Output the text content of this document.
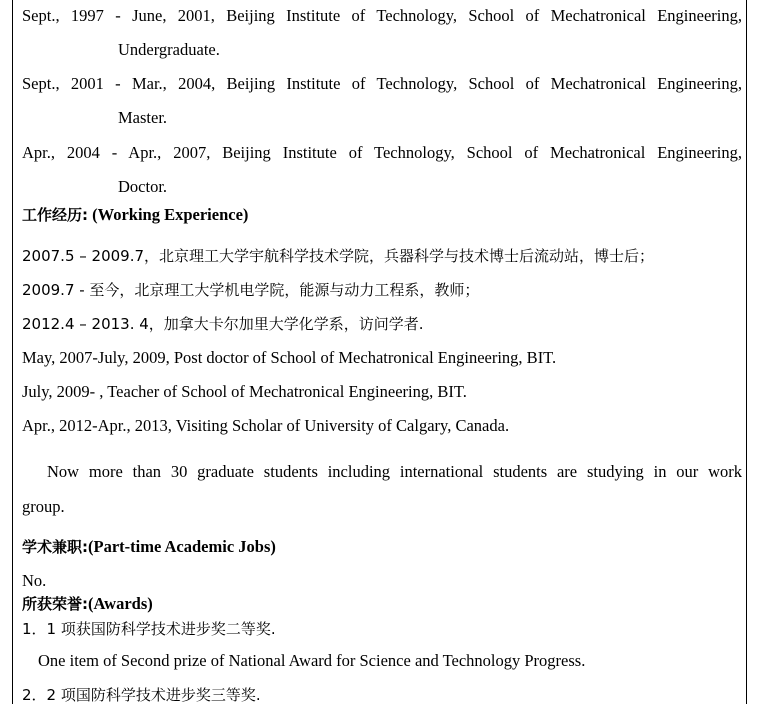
Sept., 1997 - June, 2001, Beijing Institute of Technology, School of Mechatronical Engineering,
Undergraduate.
Sept., 2001 - Mar., 2004, Beijing Institute of Technology, School of Mechatronical Engineering,
Master.
Apr., 2004 - Apr., 2007, Beijing Institute of Technology, School of Mechatronical Engineering,
Doctor.
工作经历: (Working Experience)
2007.5 – 2009.7，北京理工大学宇航科学技术学院，兵器科学与技术博士后流动站，博士后；
2009.7 - 至今，北京理工大学机电学院，能源与动力工程系，教师；
2012.4 – 2013. 4，加拿大卡尔加里大学化学系，访问学者.
May, 2007-July, 2009, Post doctor of School of Mechatronical Engineering, BIT.
July, 2009- , Teacher of School of Mechatronical Engineering, BIT.
Apr., 2012-Apr., 2013, Visiting Scholar of University of Calgary, Canada.
Now more than 30 graduate students including international students are studying in our work
group.
学术兼职:(Part-time Academic Jobs)
No.
所获荣誉:(Awards)
1．1 项获国防科学技术进步奖二等奖.
One item of Second prize of National Award for Science and Technology Progress.
2．2 项国防科学技术进步奖三等奖.
